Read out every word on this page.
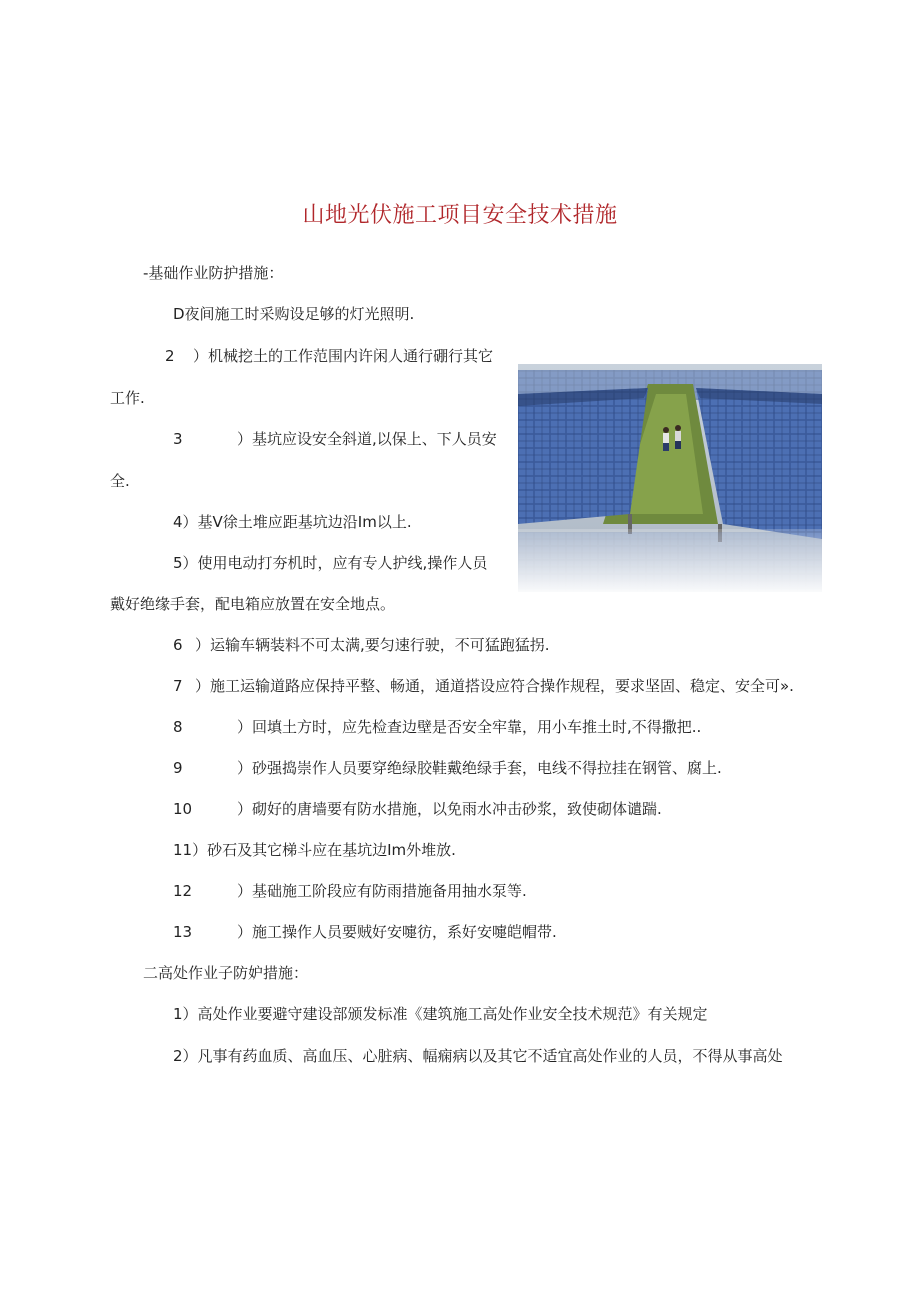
山地光伏施工项目安全技术措施
-基础作业防护措施：
D夜间施工时采购设足够的灯光照明.
2 ）机械挖土的工作范围内许闲人通行硼行其它
工作.
3	）基坑应设安全斜道,以保上、下人员安
全.
4）基V徐土堆应距基坑边沿Im以上.
5）使用电动打夯机时，应有专人护线,操作人员
戴好绝缘手套，配电箱应放置在安全地点。
6 ）运输车辆装料不可太满,要匀速行驶，不可猛跑猛拐.
7 ）施工运输道路应保持平整、畅通，通道搭设应符合操作规程，要求坚固、稳定、安全可».
8	）回填土方时，应先检查边壁是否安全牢靠，用小车推土时,不得撒把..
9	）砂强捣崇作人员要穿绝绿胶鞋戴绝绿手套，电线不得拉挂在钢管、腐上.
10	）砌好的唐墙要有防水措施，以免雨水冲击砂浆，致使砌体谴踹.
11）砂石及其它梯斗应在基坑边Im外堆放.
12	）基础施工阶段应有防雨措施备用抽水泵等.
13	）施工操作人员要贼好安嚏彷，系好安嚏皑帽带.
二高处作业子防妒措施：
1）高处作业要避守建设部颁发标准《建筑施工高处作业安全技术规范》有关规定
2）凡事有药血质、高血压、心脏病、幅痫病以及其它不适宜高处作业的人员，不得从事高处
